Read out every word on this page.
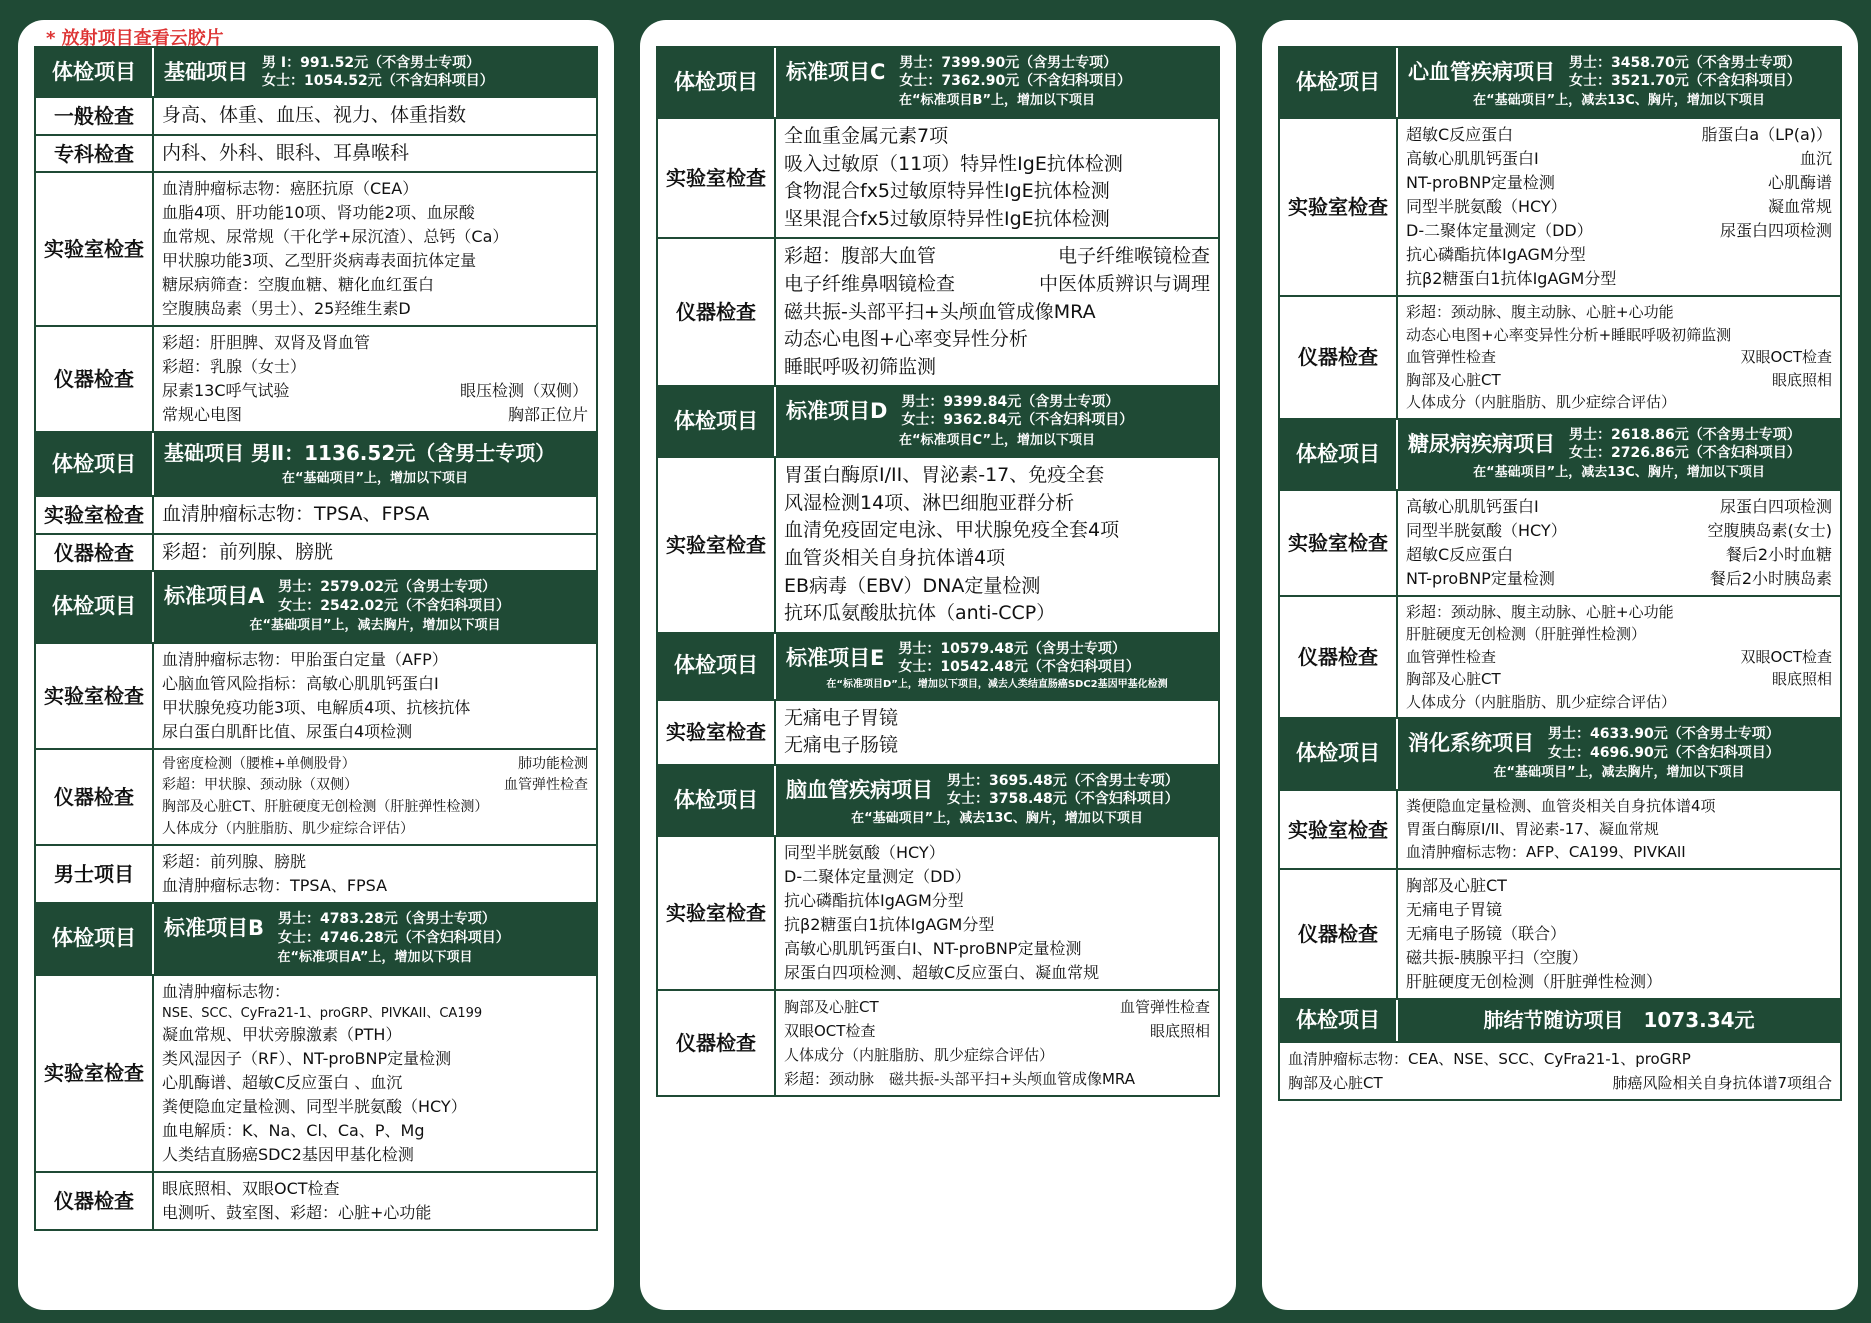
* 放射项目查看云胶片
体检项目	基础项目 男 Ⅰ：991.52元（不含男士专项）
女士：1054.52元（不含妇科项目）
一般检查	身高、体重、血压、视力、体重指数
专科检查	内科、外科、眼科、耳鼻喉科
实验室检查
血清肿瘤标志物：癌胚抗原（CEA）
血脂4项、肝功能10项、肾功能2项、血尿酸
血常规、尿常规（干化学+尿沉渣）、总钙（Ca）
甲状腺功能3项、乙型肝炎病毒表面抗体定量
糖尿病筛查：空腹血糖、糖化血红蛋白
空腹胰岛素（男士）、25羟维生素D
仪器检查
彩超：肝胆脾、双肾及肾血管
彩超：乳腺（女士）
尿素13C呼气试验	眼压检测（双侧）
常规心电图	胸部正位片
体检项目	基础项目 男Ⅱ：1136.52元（含男士专项）
在“基础项目”上，增加以下项目
实验室检查 血清肿瘤标志物：TPSA、FPSA
仪器检查	彩超：前列腺、膀胱
体检项目	标准项目A 男士：2579.02元（含男士专项）
女士：2542.02元（不含妇科项目）
在“基础项目”上，减去胸片，增加以下项目
实验室检查
血清肿瘤标志物：甲胎蛋白定量（AFP）
心脑血管风险指标：高敏心肌肌钙蛋白I
甲状腺免疫功能3项、电解质4项、抗核抗体
尿白蛋白肌酐比值、尿蛋白4项检测
仪器检查
骨密度检测（腰椎+单侧股骨）	肺功能检测
彩超：甲状腺、颈动脉（双侧）	血管弹性检查
胸部及心脏CT、肝脏硬度无创检测（肝脏弹性检测）
人体成分（内脏脂肪、肌少症综合评估）
男士项目
彩超：前列腺、膀胱
血清肿瘤标志物：TPSA、FPSA
体检项目	标准项目B 男士：4783.28元（含男士专项）
女士：4746.28元（不含妇科项目）
在“标准项目A”上，增加以下项目
实验室检查
血清肿瘤标志物：
NSE、SCC、CyFra21-1、proGRP、PIVKAII、CA199
凝血常规、甲状旁腺激素（PTH）
类风湿因子（RF）、NT-proBNP定量检测
心肌酶谱、超敏C反应蛋白 、血沉
粪便隐血定量检测、同型半胱氨酸（HCY）
血电解质：K、Na、Cl、Ca、P、Mg
人类结直肠癌SDC2基因甲基化检测
仪器检查
眼底照相、双眼OCT检查
电测听、鼓室图、彩超：心脏+心功能
体检项目	标准项目C 男士：7399.90元（含男士专项）
女士：7362.90元（不含妇科项目）
在“标准项目B”上，增加以下项目
实验室检查
全血重金属元素7项
吸入过敏原（11项）特异性IgE抗体检测
食物混合fx5过敏原特异性IgE抗体检测
坚果混合fx5过敏原特异性IgE抗体检测
仪器检查
彩超：腹部大血管	电子纤维喉镜检查
电子纤维鼻咽镜检查	中医体质辨识与调理
磁共振-头部平扫+头颅血管成像MRA
动态心电图+心率变异性分析
睡眠呼吸初筛监测
体检项目	标准项目D 男士：9399.84元（含男士专项）
女士：9362.84元（不含妇科项目）
在“标准项目C”上，增加以下项目
实验室检查
胃蛋白酶原I/II、胃泌素-17、免疫全套
风湿检测14项、淋巴细胞亚群分析
血清免疫固定电泳、甲状腺免疫全套4项
血管炎相关自身抗体谱4项
EB病毒（EBV）DNA定量检测
抗环瓜氨酸肽抗体（anti-CCP）
体检项目	标准项目E 男士：10579.48元（含男士专项）
女士：10542.48元（不含妇科项目）
在“标准项目D”上，增加以下项目，减去人类结直肠癌SDC2基因甲基化检测
实验室检查
无痛电子胃镜
无痛电子肠镜
体检项目	脑血管疾病项目 男士：3695.48元（不含男士专项）
女士：3758.48元（不含妇科项目）
在“基础项目”上，减去13C、胸片，增加以下项目
实验室检查
同型半胱氨酸（HCY）
D-二聚体定量测定（DD）
抗心磷酯抗体IgAGM分型
抗β2糖蛋白1抗体IgAGM分型
高敏心肌肌钙蛋白I、NT-proBNP定量检测
尿蛋白四项检测、超敏C反应蛋白、凝血常规
仪器检查
胸部及心脏CT	血管弹性检查
双眼OCT检查	眼底照相
人体成分（内脏脂肪、肌少症综合评估）
彩超：颈动脉　磁共振-头部平扫+头颅血管成像MRA
体检项目	心血管疾病项目 男士：3458.70元（不含男士专项）
女士：3521.70元（不含妇科项目）
在“基础项目”上，减去13C、胸片，增加以下项目
实验室检查
超敏C反应蛋白	脂蛋白a（LP(a)）
高敏心肌肌钙蛋白I	血沉
NT-proBNP定量检测	心肌酶谱
同型半胱氨酸（HCY）	凝血常规
D-二聚体定量测定（DD）	尿蛋白四项检测
抗心磷酯抗体IgAGM分型
抗β2糖蛋白1抗体IgAGM分型
仪器检查
彩超：颈动脉、腹主动脉、心脏+心功能
动态心电图+心率变异性分析+睡眠呼吸初筛监测
血管弹性检查	双眼OCT检查
胸部及心脏CT	眼底照相
人体成分（内脏脂肪、肌少症综合评估）
体检项目	糖尿病疾病项目 男士：2618.86元（不含男士专项）
女士：2726.86元（不含妇科项目）
在“基础项目”上，减去13C、胸片，增加以下项目
实验室检查
高敏心肌肌钙蛋白I	尿蛋白四项检测
同型半胱氨酸（HCY）	空腹胰岛素(女士)
超敏C反应蛋白	餐后2小时血糖
NT-proBNP定量检测	餐后2小时胰岛素
仪器检查
彩超：颈动脉、腹主动脉、心脏+心功能
肝脏硬度无创检测（肝脏弹性检测）
血管弹性检查	双眼OCT检查
胸部及心脏CT	眼底照相
人体成分（内脏脂肪、肌少症综合评估）
体检项目	消化系统项目 男士：4633.90元（不含男士专项）
女士：4696.90元（不含妇科项目）
在“基础项目”上，减去胸片，增加以下项目
实验室检查
粪便隐血定量检测、血管炎相关自身抗体谱4项
胃蛋白酶原I/II、胃泌素-17、凝血常规
血清肿瘤标志物：AFP、CA199、PIVKAII
仪器检查
胸部及心脏CT
无痛电子胃镜
无痛电子肠镜（联合）
磁共振-胰腺平扫（空腹）
肝脏硬度无创检测（肝脏弹性检测）
体检项目	肺结节随访项目　1073.34元
血清肿瘤标志物：CEA、NSE、SCC、CyFra21-1、proGRP
胸部及心脏CT	肺癌风险相关自身抗体谱7项组合
